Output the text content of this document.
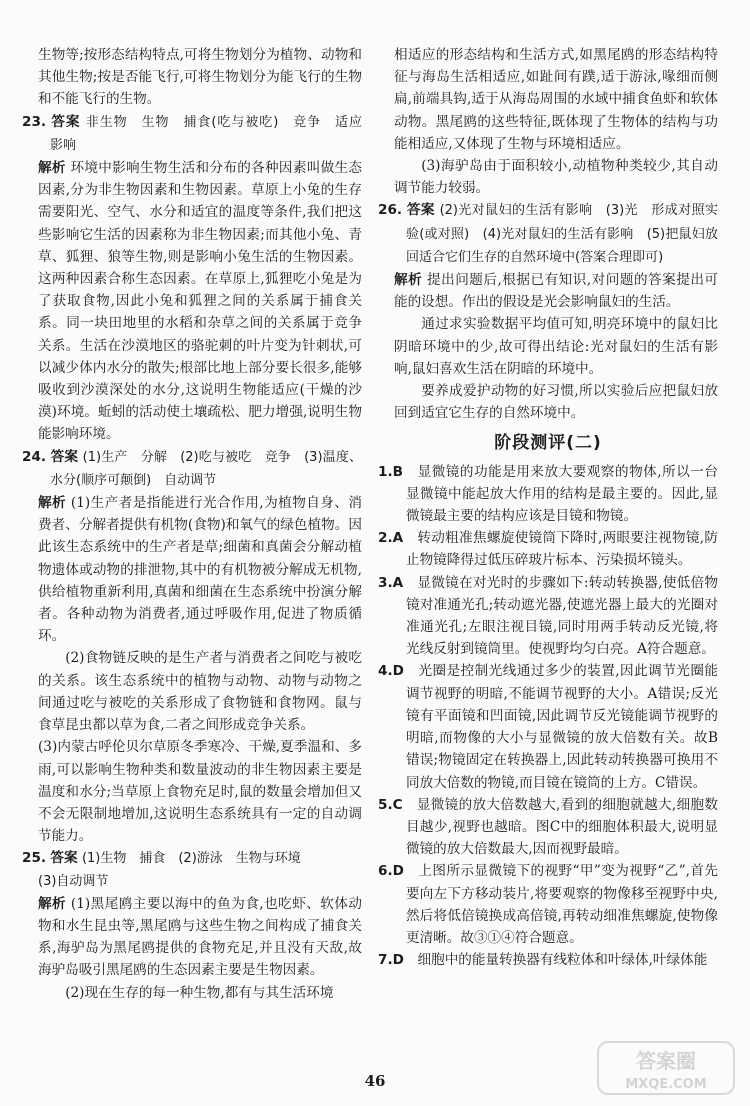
生物等;按形态结构特点,可将生物划分为植物、动物和其他生物;按是否能飞行,可将生物划分为能飞行的生物和不能飞行的生物。

23. 答案 非生物　生物　捕食(吃与被吃)　竞争　适应　影响

解析 环境中影响生物生活和分布的各种因素叫做生态因素,分为非生物因素和生物因素。草原上小兔的生存需要阳光、空气、水分和适宜的温度等条件,我们把这些影响它生活的因素称为非生物因素;而其他小兔、青草、狐狸、狼等生物,则是影响小兔生活的生物因素。这两种因素合称生态因素。在草原上,狐狸吃小兔是为了获取食物,因此小兔和狐狸之间的关系属于捕食关系。同一块田地里的水稻和杂草之间的关系属于竞争关系。生活在沙漠地区的骆驼刺的叶片变为针刺状,可以减少体内水分的散失;根部比地上部分要长很多,能够吸收到沙漠深处的水分,这说明生物能适应(干燥的沙漠)环境。蚯蚓的活动使土壤疏松、肥力增强,说明生物能影响环境。

24. 答案 (1)生产　分解　(2)吃与被吃　竞争　(3)温度、水分(顺序可颠倒)　自动调节

解析 (1)生产者是指能进行光合作用,为植物自身、消费者、分解者提供有机物(食物)和氧气的绿色植物。因此该生态系统中的生产者是草;细菌和真菌会分解动植物遗体或动物的排泄物,其中的有机物被分解成无机物,供给植物重新利用,真菌和细菌在生态系统中扮演分解者。各种动物为消费者,通过呼吸作用,促进了物质循环。

(2)食物链反映的是生产者与消费者之间吃与被吃的关系。该生态系统中的植物与动物、动物与动物之间通过吃与被吃的关系形成了食物链和食物网。鼠与食草昆虫都以草为食,二者之间形成竞争关系。

(3)内蒙古呼伦贝尔草原冬季寒冷、干燥,夏季温和、多雨,可以影响生物种类和数量波动的非生物因素主要是温度和水分;当草原上食物充足时,鼠的数量会增加但又不会无限制地增加,这说明生态系统具有一定的自动调节能力。

25. 答案 (1)生物　捕食　(2)游泳　生物与环境

(3)自动调节

解析 (1)黑尾鸥主要以海中的鱼为食,也吃虾、软体动物和水生昆虫等,黑尾鸥与这些生物之间构成了捕食关系,海驴岛为黑尾鸥提供的食物充足,并且没有天敌,故海驴岛吸引黑尾鸥的生态因素主要是生物因素。

(2)现在生存的每一种生物,都有与其生活环境

相适应的形态结构和生活方式,如黑尾鸥的形态结构特征与海岛生活相适应,如趾间有蹼,适于游泳,喙细而侧扁,前端具钩,适于从海岛周围的水域中捕食鱼虾和软体动物。黑尾鸥的这些特征,既体现了生物体的结构与功能相适应,又体现了生物与环境相适应。

(3)海驴岛由于面积较小,动植物种类较少,其自动调节能力较弱。

26. 答案 (2)光对鼠妇的生活有影响　(3)光　形成对照实验(或对照)　(4)光对鼠妇的生活有影响　(5)把鼠妇放回适合它们生存的自然环境中(答案合理即可)

解析 提出问题后,根据已有知识,对问题的答案提出可能的设想。作出的假设是光会影响鼠妇的生活。

通过求实验数据平均值可知,明亮环境中的鼠妇比阴暗环境中的少,故可得出结论:光对鼠妇的生活有影响,鼠妇喜欢生活在阴暗的环境中。

要养成爱护动物的好习惯,所以实验后应把鼠妇放回到适宜它生存的自然环境中。

阶段测评(二)

1.B　 显微镜的功能是用来放大要观察的物体,所以一台显微镜中能起放大作用的结构是最主要的。因此,显微镜最主要的结构应该是目镜和物镜。

2.A　 转动粗准焦螺旋使镜筒下降时,两眼要注视物镜,防止物镜降得过低压碎玻片标本、污染损坏镜头。

3.A　 显微镜在对光时的步骤如下:转动转换器,使低倍物镜对准通光孔;转动遮光器,使遮光器上最大的光圈对准通光孔;左眼注视目镜,同时用两手转动反光镜,将光线反射到镜筒里。使视野均匀白亮。A符合题意。

4.D　 光圈是控制光线通过多少的装置,因此调节光圈能调节视野的明暗,不能调节视野的大小。A错误;反光镜有平面镜和凹面镜,因此调节反光镜能调节视野的明暗,而物像的大小与显微镜的放大倍数有关。故B错误;物镜固定在转换器上,因此转动转换器可换用不同放大倍数的物镜,而目镜在镜筒的上方。C错误。

5.C　 显微镜的放大倍数越大,看到的细胞就越大,细胞数目越少,视野也越暗。图C中的细胞体积最大,说明显微镜的放大倍数最大,因而视野最暗。

6.D　 上图所示显微镜下的视野“甲”变为视野“乙”,首先要向左下方移动装片,将要观察的物像移至视野中央,然后将低倍镜换成高倍镜,再转动细准焦螺旋,使物像更清晰。故③①④符合题意。

7.D　 细胞中的能量转换器有线粒体和叶绿体,叶绿体能

46
答案圈
MXQE.COM
